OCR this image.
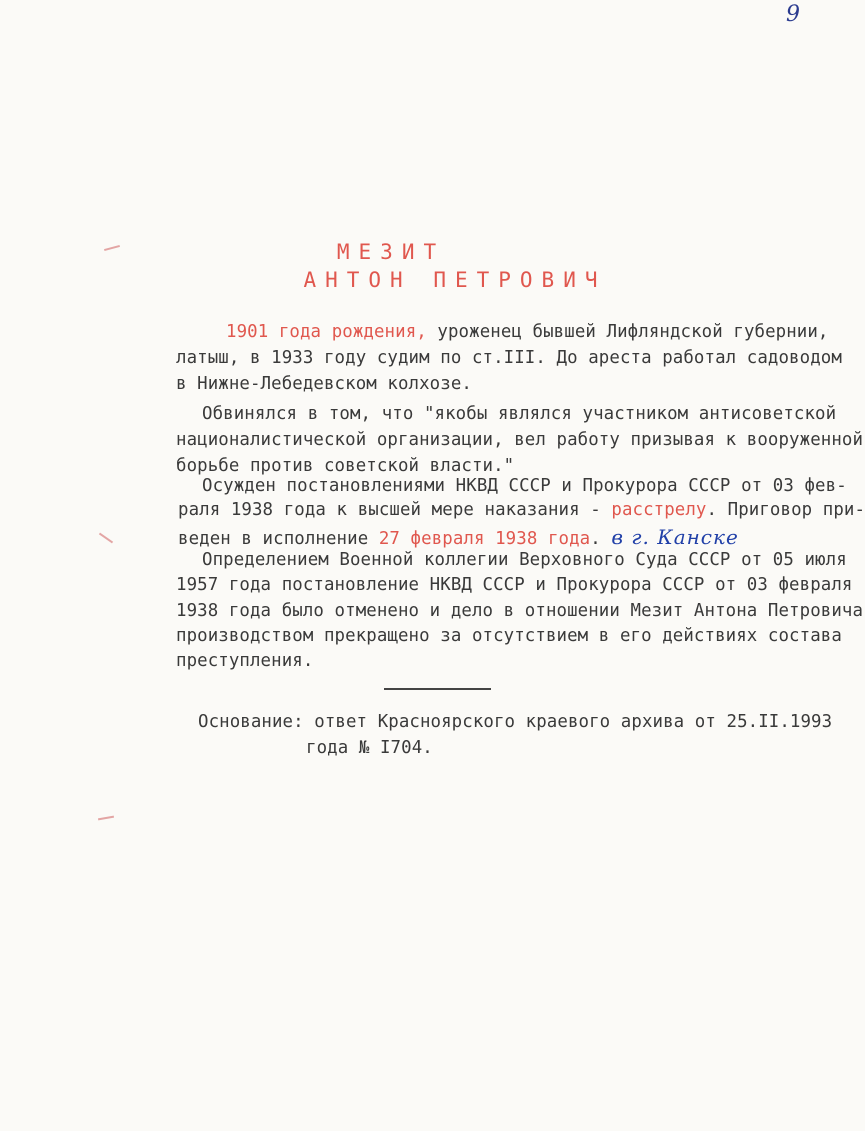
9
МЕЗИТ
АНТОН ПЕТРОВИЧ
1901 года рождения, уроженец бывшей Лифляндской губернии,
латыш, в 1933 году судим по ст.III. До ареста работал садоводом
в Нижне-Лебедевском колхозе.
Обвинялся в том, что "якобы являлся участником антисоветской
националистической организации, вел работу призывая к вооруженной
борьбе против советской власти."
Осужден постановлениями НКВД СССР и Прокурора СССР от 03 фев-
раля 1938 года к высшей мере наказания - расстрелу. Приговор при-
веден в исполнение 27 февраля 1938 года. в г. Канске
Определением Военной коллегии Верховного Суда СССР от 05 июля
1957 года постановление НКВД СССР и Прокурора СССР от 03 февраля
1938 года было отменено и дело в отношении Мезит Антона Петровича
производством прекращено за отсутствием в его действиях состава
преступления.
Основание: ответ Красноярского краевого архива от 25.II.1993
года № I704.
